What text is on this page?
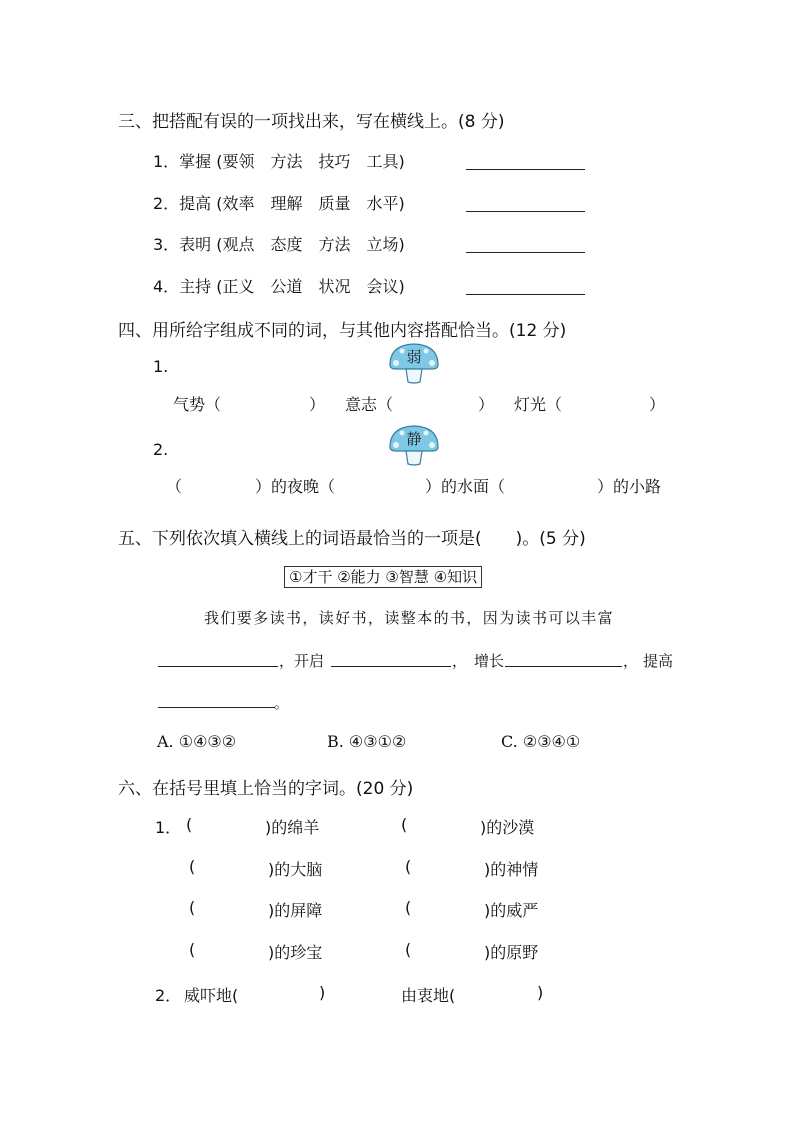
三、把搭配有误的一项找出来，写在横线上。(8 分)
1．掌握 (要领　方法　技巧　工具)
2．提高 (效率　理解　质量　水平)
3．表明 (观点　态度　方法　立场)
4．主持 (正义　公道　状况　会议)
四、用所给字组成不同的词，与其他内容搭配恰当。(12 分)
1.	弱
气势（	） 意志（	） 灯光（	）
2.
静
（	）的夜晚（	）的水面（	）的小路
五、下列依次填入横线上的词语最恰当的一项是(　　)。(5 分)
①才干 ②能力 ③智慧 ④知识
我们要多读书，读好书，读整本的书，因为读书可以丰富
，开启	， 增长	， 提高
。
A. ①④③②	B. ④③①②	C. ②③④①
六、在括号里填上恰当的字词。(20 分)
1． (	)的绵羊	(	)的沙漠
(	)的大脑	(	)的神情
(	)的屏障	(	)的威严
(	)的珍宝	(	)的原野
2． 威吓地(	)	由衷地(	)
